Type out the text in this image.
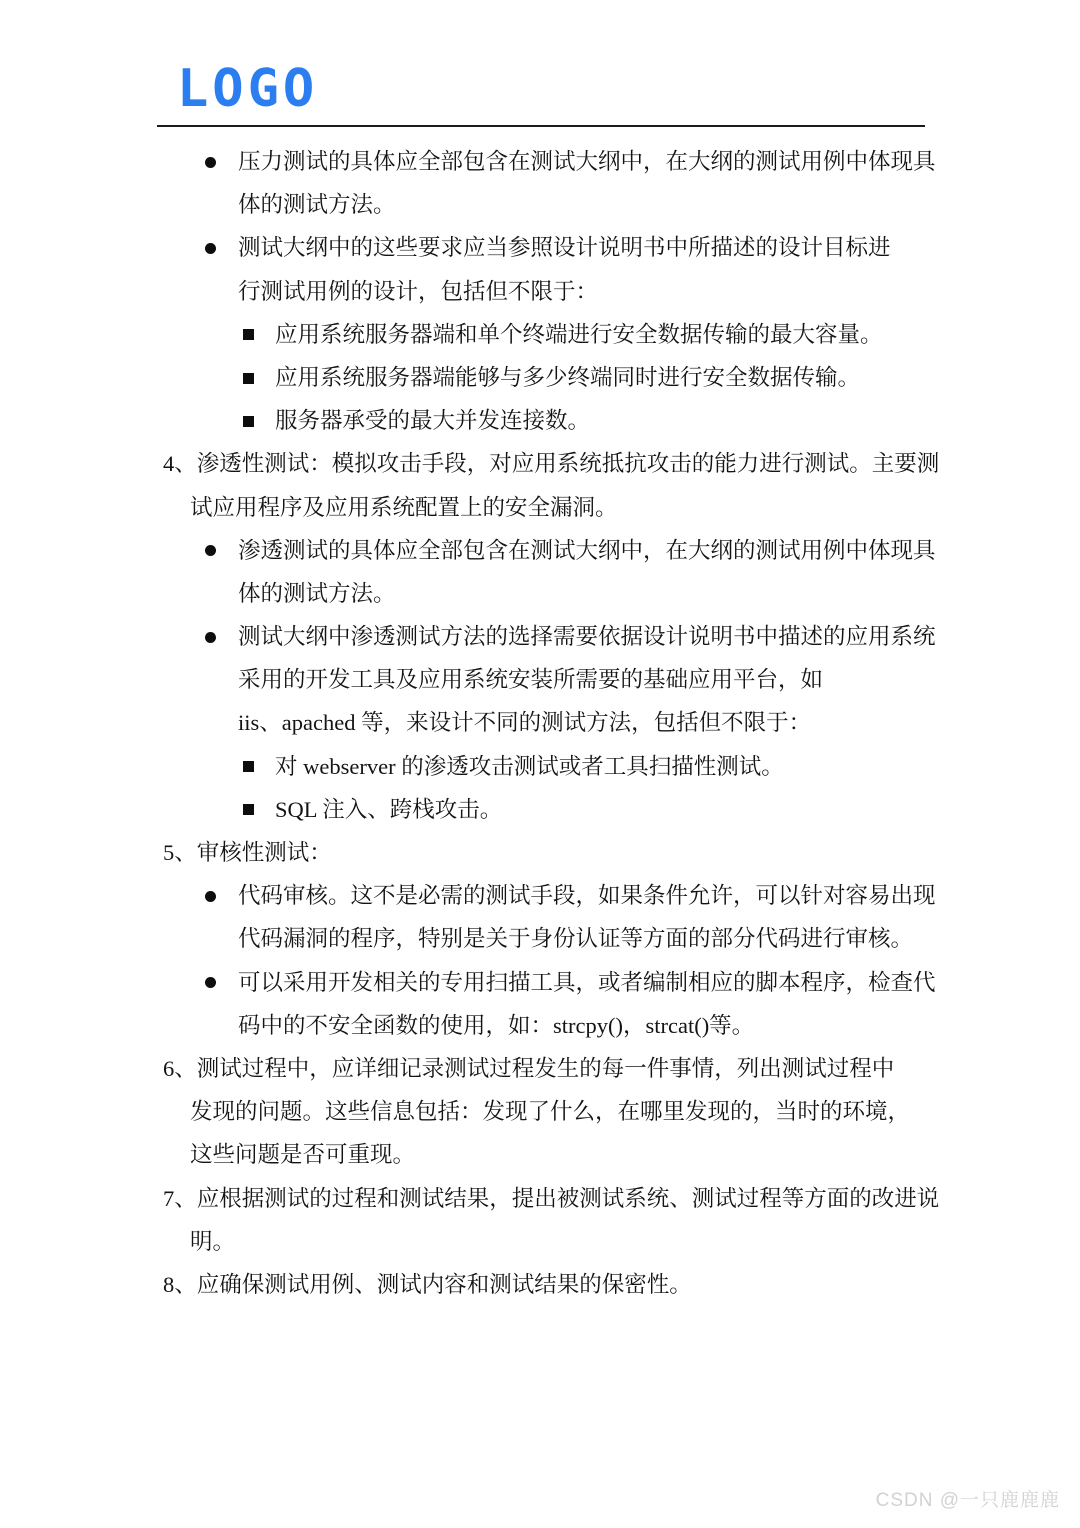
LOGO
压力测试的具体应全部包含在测试大纲中，在大纲的测试用例中体现具
体的测试方法。
测试大纲中的这些要求应当参照设计说明书中所描述的设计目标进
行测试用例的设计，包括但不限于：
应用系统服务器端和单个终端进行安全数据传输的最大容量。
应用系统服务器端能够与多少终端同时进行安全数据传输。
服务器承受的最大并发连接数。
4、渗透性测试：模拟攻击手段，对应用系统抵抗攻击的能力进行测试。主要测
试应用程序及应用系统配置上的安全漏洞。
渗透测试的具体应全部包含在测试大纲中，在大纲的测试用例中体现具
体的测试方法。
测试大纲中渗透测试方法的选择需要依据设计说明书中描述的应用系统
采用的开发工具及应用系统安装所需要的基础应用平台，如
iis、apached 等，来设计不同的测试方法，包括但不限于：
对 webserver 的渗透攻击测试或者工具扫描性测试。
SQL 注入、跨栈攻击。
5、审核性测试：
代码审核。这不是必需的测试手段，如果条件允许，可以针对容易出现
代码漏洞的程序，特别是关于身份认证等方面的部分代码进行审核。
可以采用开发相关的专用扫描工具，或者编制相应的脚本程序，检查代
码中的不安全函数的使用，如：strcpy()，strcat()等。
6、测试过程中，应详细记录测试过程发生的每一件事情，列出测试过程中
发现的问题。这些信息包括：发现了什么，在哪里发现的，当时的环境，
这些问题是否可重现。
7、应根据测试的过程和测试结果，提出被测试系统、测试过程等方面的改进说
明。
8、应确保测试用例、测试内容和测试结果的保密性。
CSDN @一只鹿鹿鹿
